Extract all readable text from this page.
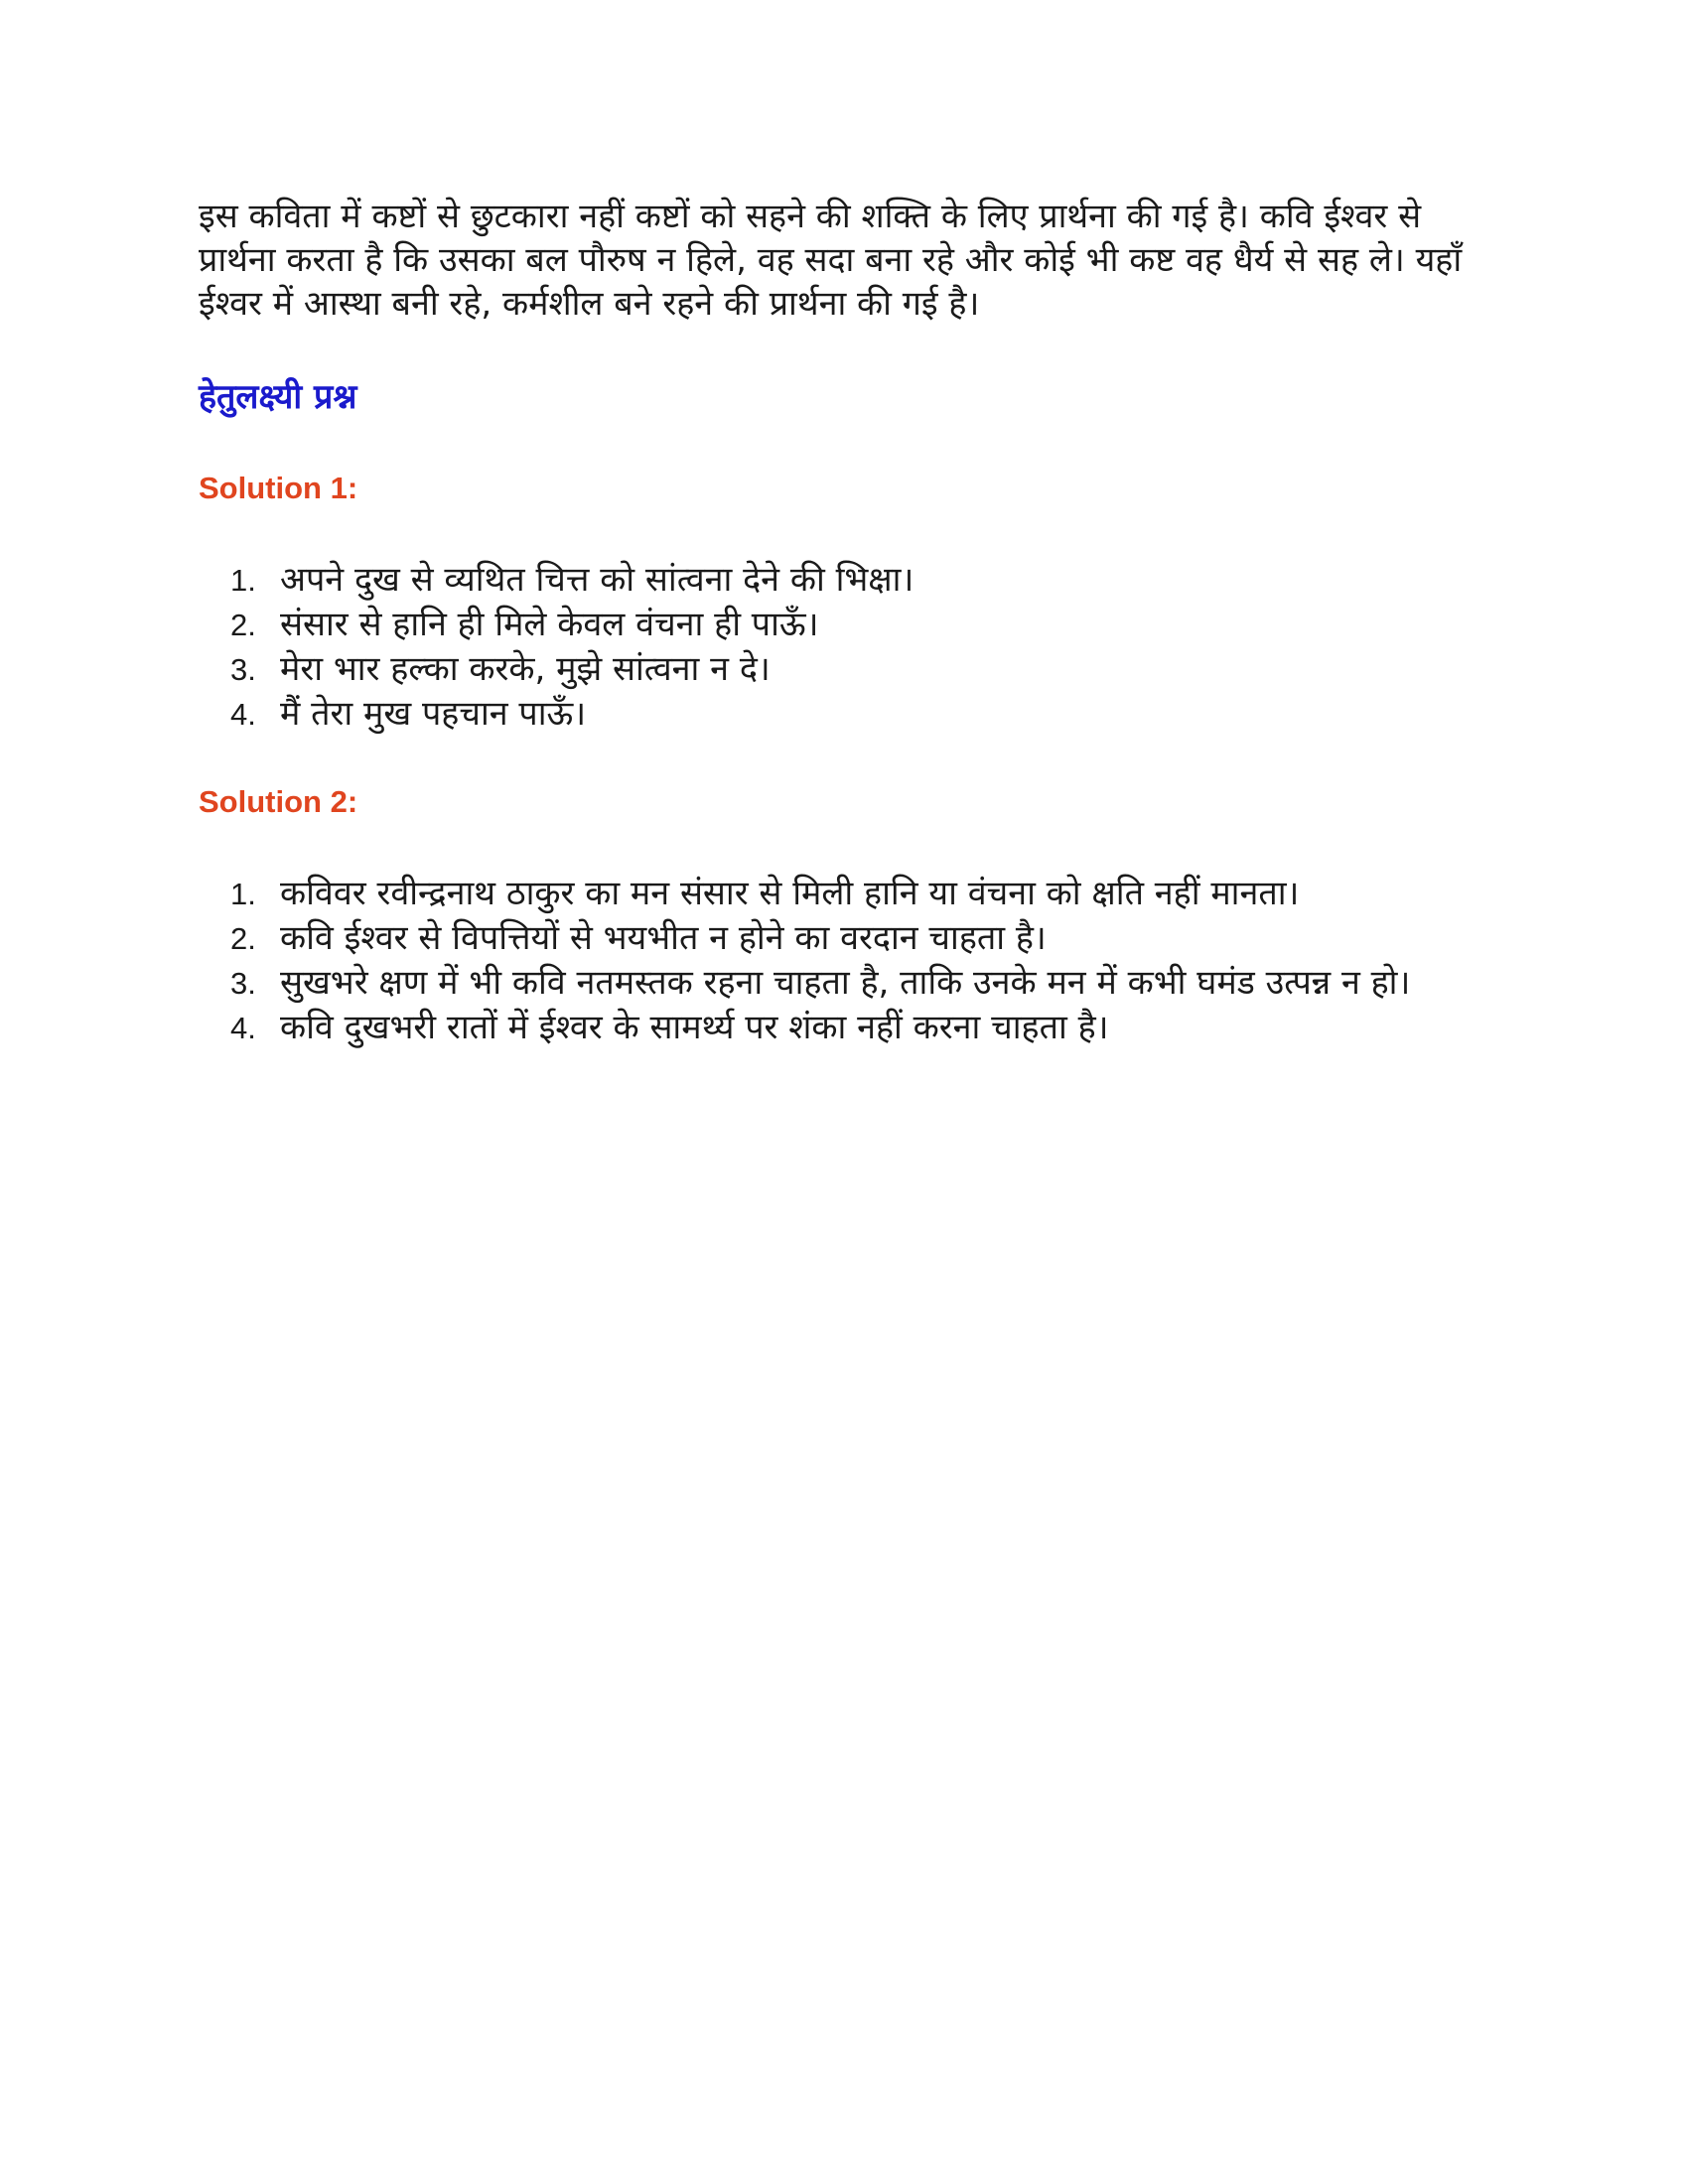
इस कविता में कष्टों से छुटकारा नहीं कष्टों को सहने की शक्ति के लिए प्रार्थना की गई है। कवि ईश्वर से प्रार्थना करता है कि उसका बल पौरुष न हिले, वह सदा बना रहे और कोई भी कष्ट वह धैर्य से सह ले। यहाँ ईश्वर में आस्था बनी रहे, कर्मशील बने रहने की प्रार्थना की गई है।

हेतुलक्ष्यी प्रश्न
Solution 1:
1. अपने दुख से व्यथित चित्त को सांत्वना देने की भिक्षा।
2. संसार से हानि ही मिले केवल वंचना ही पाऊँ।
3. मेरा भार हल्का करके, मुझे सांत्वना न दे।
4. मैं तेरा मुख पहचान पाऊँ।
Solution 2:
1. कविवर रवीन्द्रनाथ ठाकुर का मन संसार से मिली हानि या वंचना को क्षति नहीं मानता।
2. कवि ईश्वर से विपत्तियों से भयभीत न होने का वरदान चाहता है।
3. सुखभरे क्षण में भी कवि नतमस्तक रहना चाहता है, ताकि उनके मन में कभी घमंड उत्पन्न न हो।
4. कवि दुखभरी रातों में ईश्वर के सामर्थ्य पर शंका नहीं करना चाहता है।
